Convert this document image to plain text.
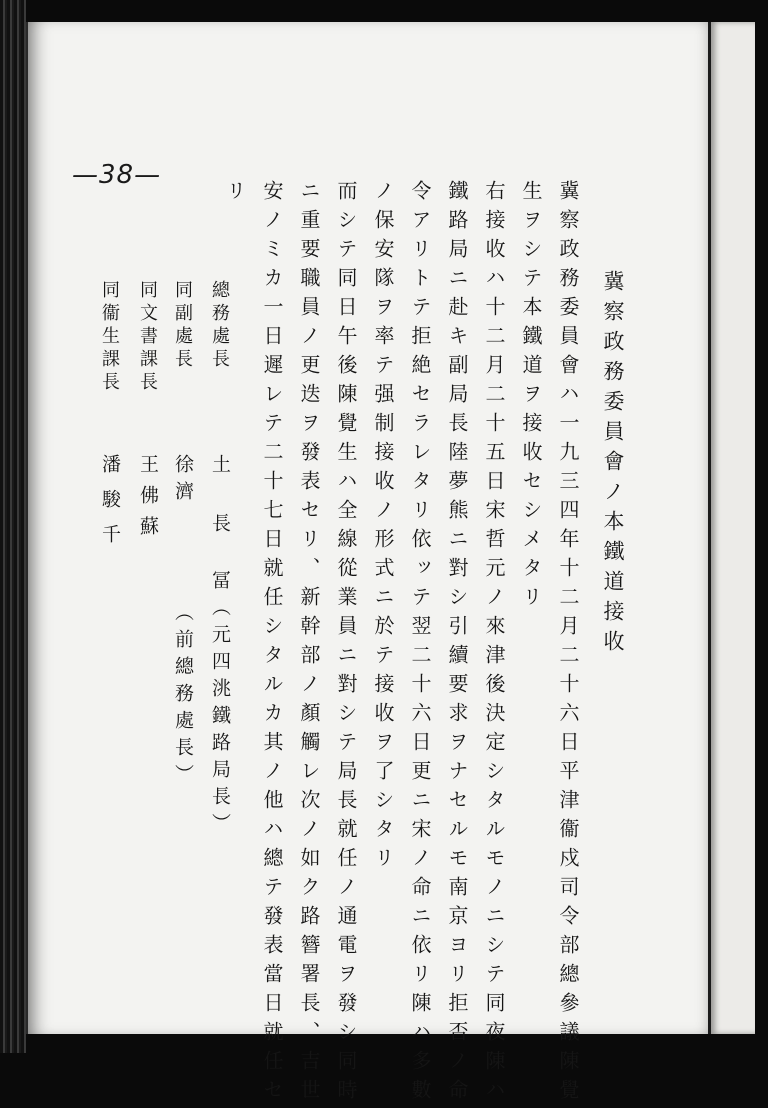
—38—
冀察政務委員會ノ本鐵道接收
冀察政務委員會ハ一九三四年十二月二十六日平津衞戍司令部總參議陳覺
生ヲシテ本鐵道ヲ接收セシメタリ
右接收ハ十二月二十五日宋哲元ノ來津後決定シタルモノニシテ同夜陳ハ
鐵路局ニ赴キ副局長陸夢熊ニ對シ引續要求ヲナセルモ南京ヨリ拒否ノ命
令アリトテ拒絶セラレタリ依ッテ翌二十六日更ニ宋ノ命ニ依リ陳ハ多數
ノ保安隊ヲ率テ强制接收ノ形式ニ於テ接收ヲ了シタリ
而シテ同日午後陳覺生ハ全線從業員ニ對シテ局長就任ノ通電ヲ發シ同時
ニ重要職員ノ更迭ヲ發表セリ、新幹部ノ顏觸レ次ノ如ク路簪署長、吉世
安ノミカ一日遲レテ二十七日就任シタルカ其ノ他ハ總テ發表當日就任セ
リ
總務處長
土長
冨（元四洮鐵路局長）
同副處長
徐濟
（前總務處長）
同文書課長
王佛蘇
同衞生課長
潘駿千
